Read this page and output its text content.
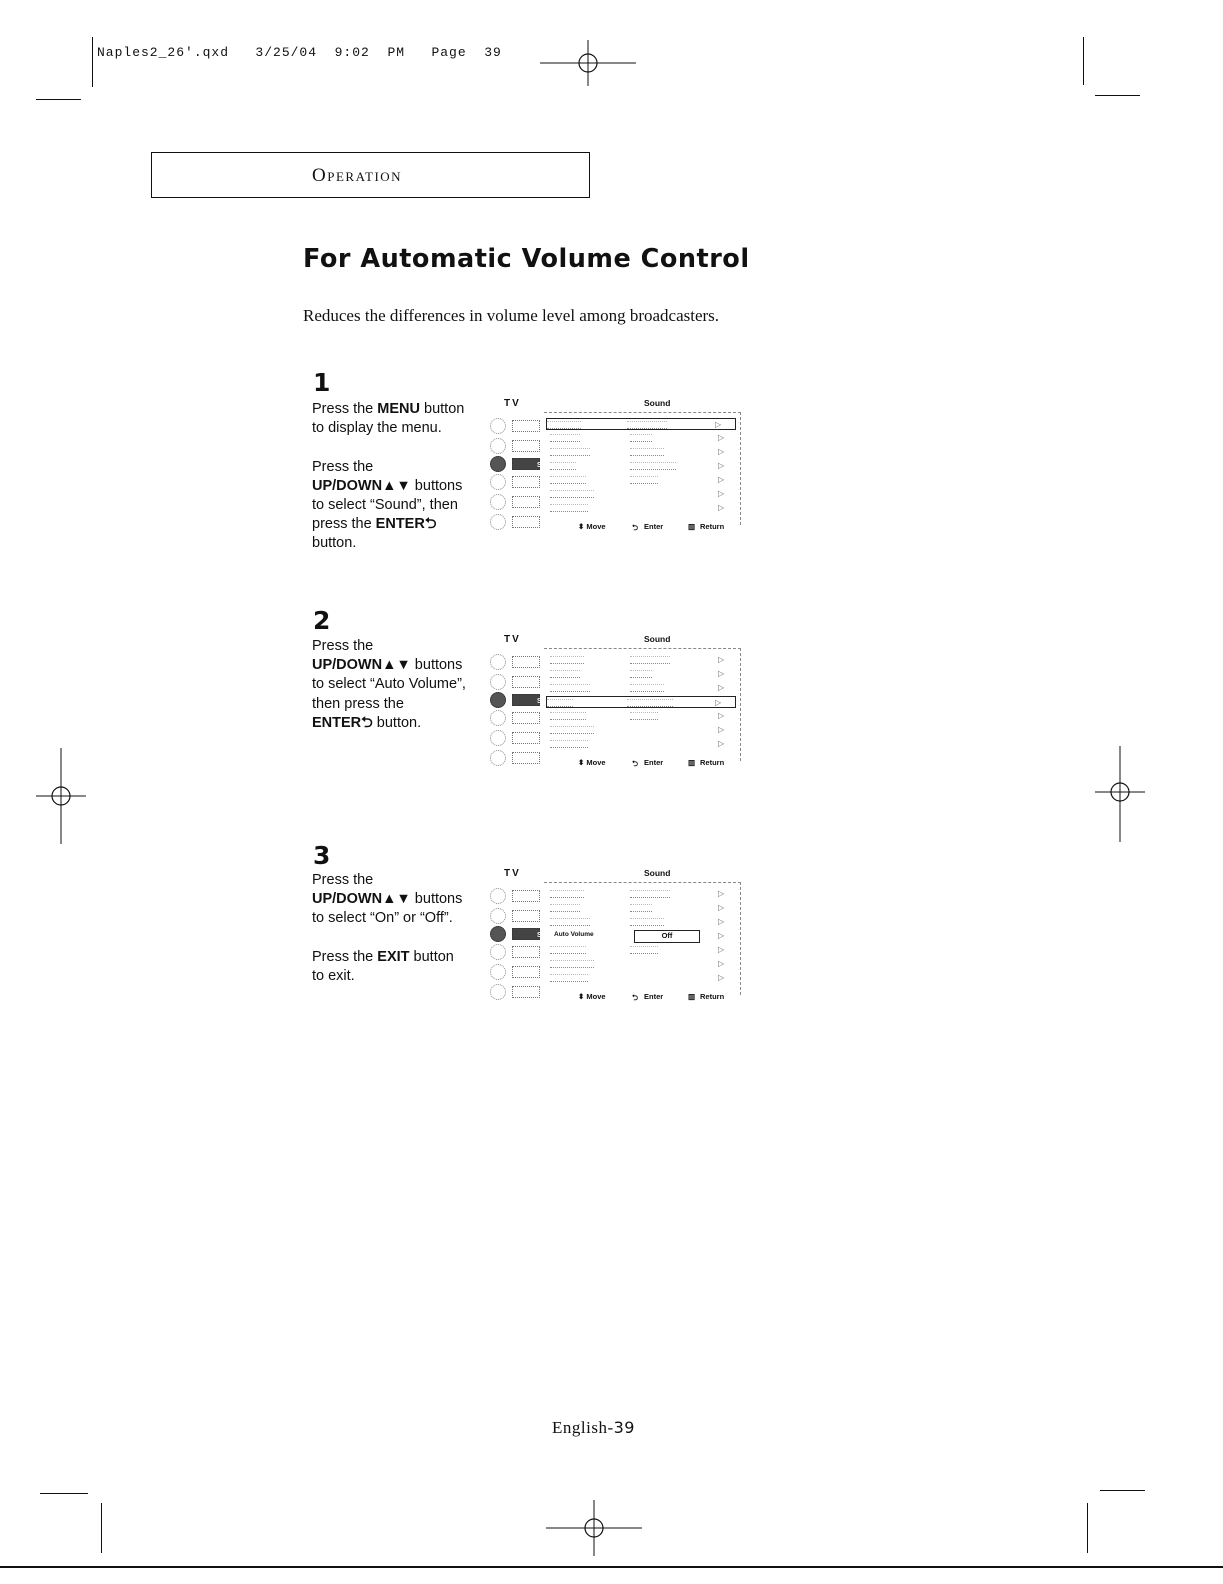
Naples2_26'.qxd   3/25/04  9:02  PM   Page  39
Operation
For Automatic Volume Control
Reduces the differences in volume level among broadcasters.
1
Press the MENU button
to display the menu.
Press the
UP/DOWN▲▼ buttons
to select “Sound”, then
press the ENTER⮌
button.
TV	Sound
Sound
▷
▷
▷
▷
▷
▷
▷
⬍ Move	⮌ Enter	▥ Return
2
Press the
UP/DOWN▲▼ buttons
to select “Auto Volume”,
then press the
ENTER⮌ button.
TV	Sound
Sound
▷
▷
▷
▷
▷
▷
▷
⬍ Move	⮌ Enter	▥ Return
3
Press the
UP/DOWN▲▼ buttons
to select “On” or “Off”.
Press the EXIT button
to exit.
TV	Sound
Sound
▷
▷
▷
Auto Volume	▷
▷
▷
▷
Off
⬍ Move	⮌ Enter	▥ Return
English-39
